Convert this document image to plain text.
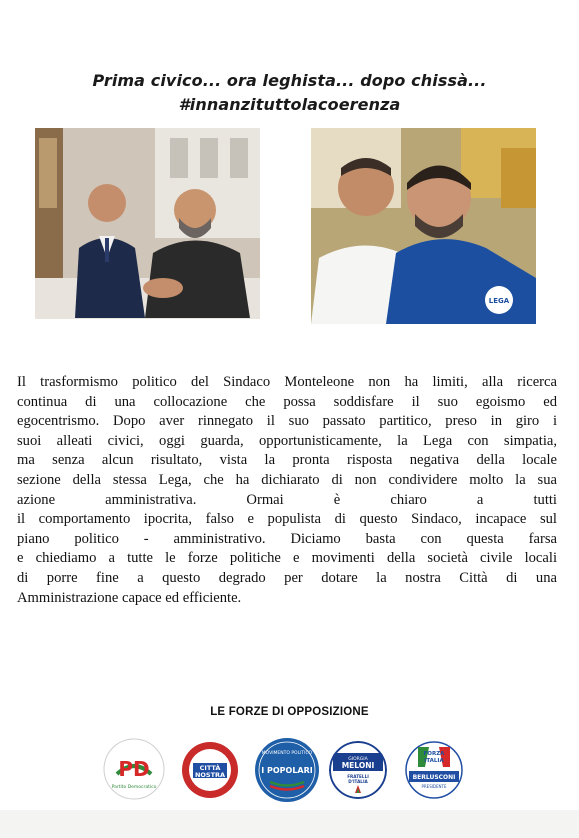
Prima civico... ora leghista... dopo chissà...
#innanzituttolacoerenza
LEGA

Il trasformismo politico del Sindaco Monteleone non ha limiti, alla ricerca

continua di una collocazione che possa soddisfare il suo egoismo ed

egocentrismo. Dopo aver rinnegato il suo passato partitico, preso in giro i

suoi alleati civici, oggi guarda, opportunisticamente, la Lega con simpatia,

ma senza alcun risultato, vista la pronta risposta negativa della locale

sezione della stessa Lega, che ha dichiarato di non condividere molto la sua

azione amministrativa. Ormai è chiaro a tutti

il comportamento ipocrita, falso e populista di questo Sindaco, incapace sul

piano politico - amministrativo. Diciamo basta con questa farsa

e chiediamo a tutte le forze politiche e movimenti della società civile locali

di porre fine a questo degrado per dotare la nostra Città di una

Amministrazione capace ed efficiente.

LE FORZE DI OPPOSIZIONE
PD
Partito Democratico
CITTÀ
NOSTRA
MOVIMENTO POLITICO
I POPOLARI
GIORGIA
MELONI
FRATELLI
D'ITALIA
FORZA
ITALIA
BERLUSCONI
PRESIDENTE
